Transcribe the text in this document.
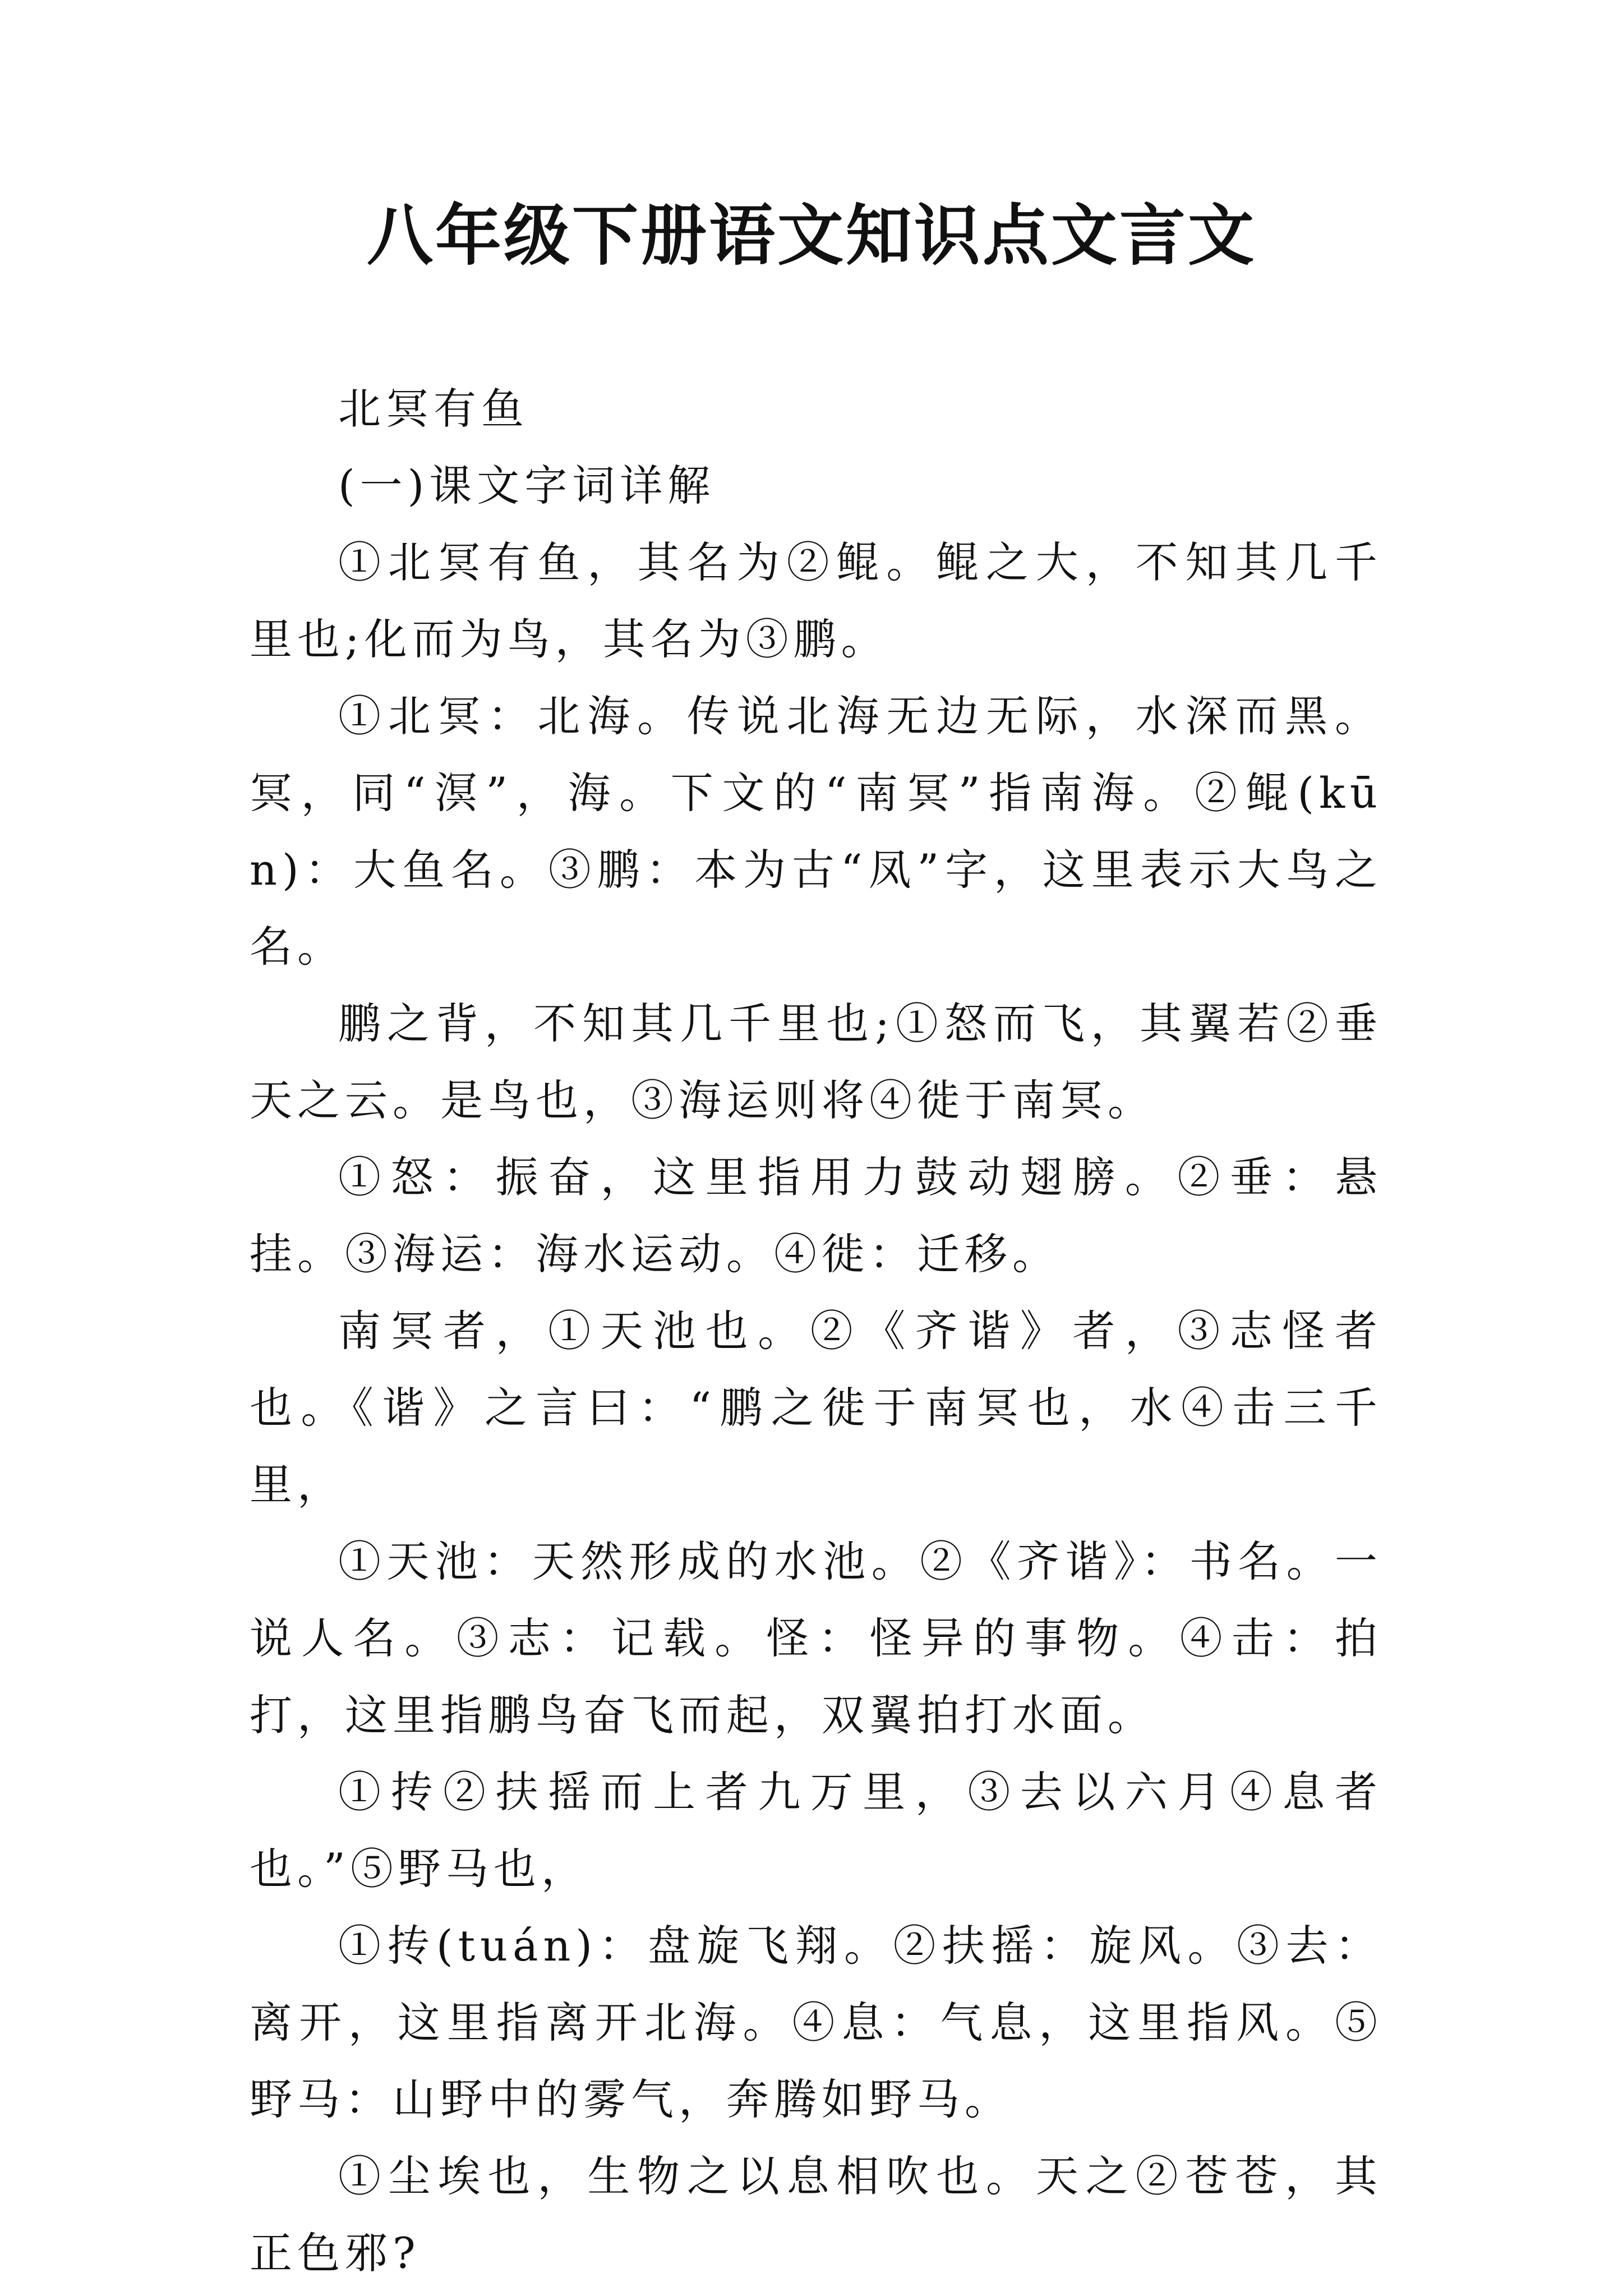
八年级下册语文知识点文言文

北冥有鱼

(一)课文字词详解

①北冥有鱼，其名为②鲲。鲲之大，不知其几千里也;化而为鸟，其名为③鹏。

①北冥：北海。传说北海无边无际，水深而黑。冥，同“溟”，海。下文的“南冥”指南海。②鲲(kūn)：大鱼名。③鹏：本为古“凤”字，这里表示大鸟之名。

鹏之背，不知其几千里也;①怒而飞，其翼若②垂天之云。是鸟也，③海运则将④徙于南冥。

①怒：振奋，这里指用力鼓动翅膀。②垂：悬挂。③海运：海水运动。④徙：迁移。

南冥者，①天池也。②《齐谐》者，③志怪者也。《谐》之言曰：“鹏之徙于南冥也，水④击三千里，

①天池：天然形成的水池。②《齐谐》：书名。一说人名。③志：记载。怪：怪异的事物。④击：拍打，这里指鹏鸟奋飞而起，双翼拍打水面。

①抟②扶摇而上者九万里，③去以六月④息者也。”⑤野马也，

①抟(tuán)：盘旋飞翔。②扶摇：旋风。③去：离开，这里指离开北海。④息：气息，这里指风。⑤野马：山野中的雾气，奔腾如野马。

①尘埃也，生物之以息相吹也。天之②苍苍，其正色邪?
